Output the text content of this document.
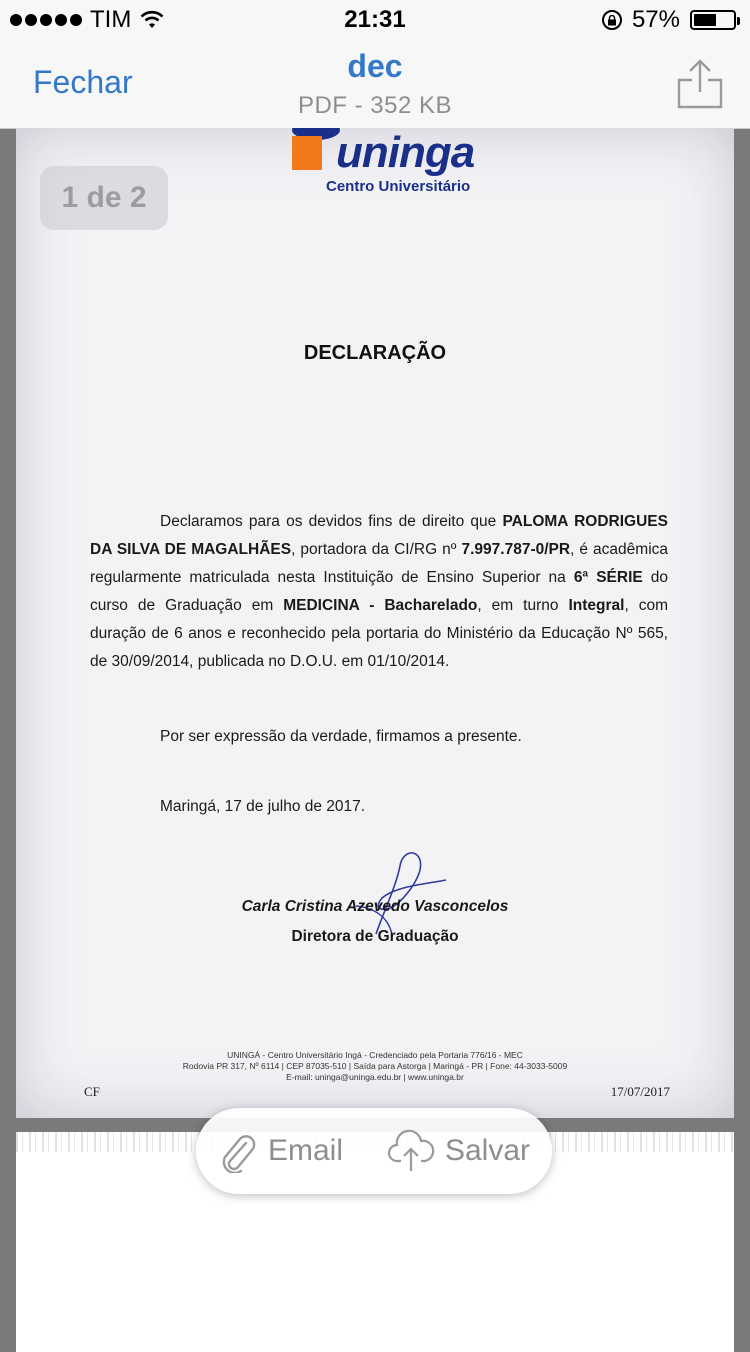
TIM	21:31	57%
Fechar	dec
PDF - 352 KB
uninga
Centro Universitário
DECLARAÇÃO
Declaramos para os devidos fins de direito que PALOMA RODRIGUES DA SILVA DE MAGALHÃES, portadora da CI/RG nº 7.997.787-0/PR, é acadêmica regularmente matriculada nesta Instituição de Ensino Superior na 6ª SÉRIE do curso de Graduação em MEDICINA - Bacharelado, em turno Integral, com duração de 6 anos e reconhecido pela portaria do Ministério da Educação Nº 565, de 30/09/2014, publicada no D.O.U. em 01/10/2014.
Por ser expressão da verdade, firmamos a presente.
Maringá, 17 de julho de 2017.
Carla Cristina Azevedo Vasconcelos
Diretora de Graduação
UNINGÁ - Centro Universitário Ingá - Credenciado pela Portaria 776/16 - MEC
Rodovia PR 317, Nº 6114 | CEP 87035-510 | Saída para Astorga | Maringá - PR | Fone: 44-3033-5009
E-mail: uninga@uninga.edu.br | www.uninga.br
CF	17/07/2017
1 de 2
Email	Salvar
